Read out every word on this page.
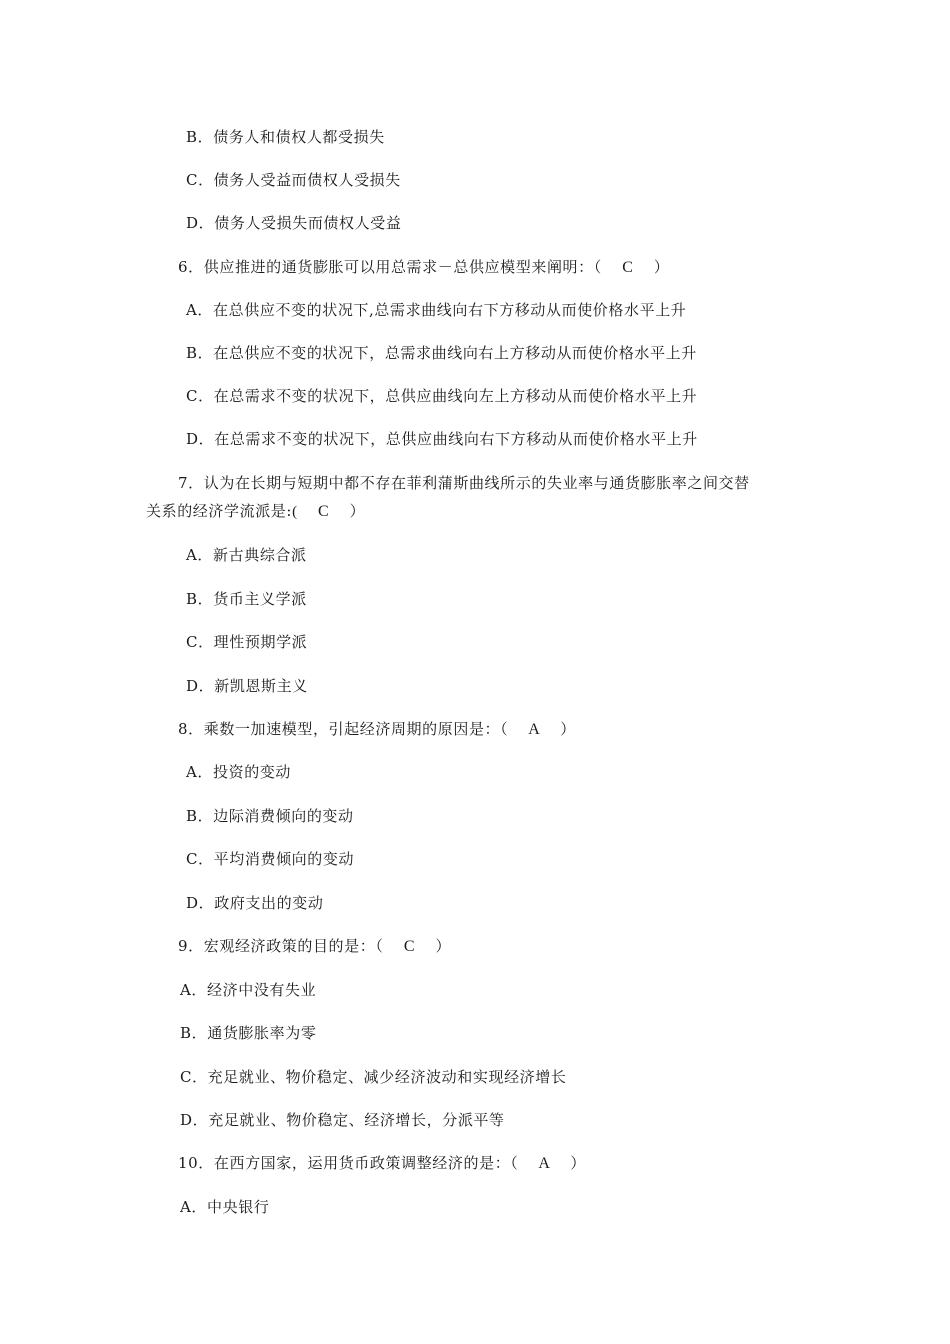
B．债务人和债权人都受损失
C．债务人受益而债权人受损失
D．债务人受损失而债权人受益
6．供应推进的通货膨胀可以用总需求－总供应模型来阐明：（ C ）
A．在总供应不变的状况下,总需求曲线向右下方移动从而使价格水平上升
B．在总供应不变的状况下，总需求曲线向右上方移动从而使价格水平上升
C．在总需求不变的状况下，总供应曲线向左上方移动从而使价格水平上升
D．在总需求不变的状况下，总供应曲线向右下方移动从而使价格水平上升
7．认为在长期与短期中都不存在菲利蒲斯曲线所示的失业率与通货膨胀率之间交替
关系的经济学流派是:( C ）
A．新古典综合派
B．货币主义学派
C．理性预期学派
D．新凯恩斯主义
8．乘数一加速模型，引起经济周期的原因是：（ A ）
A．投资的变动
B．边际消费倾向的变动
C．平均消费倾向的变动
D．政府支出的变动
9．宏观经济政策的目的是：（ C ）
A．经济中没有失业
B．通货膨胀率为零
C．充足就业、物价稳定、减少经济波动和实现经济增长
D．充足就业、物价稳定、经济增长，分派平等
10．在西方国家，运用货币政策调整经济的是：（ A ）
A．中央银行
